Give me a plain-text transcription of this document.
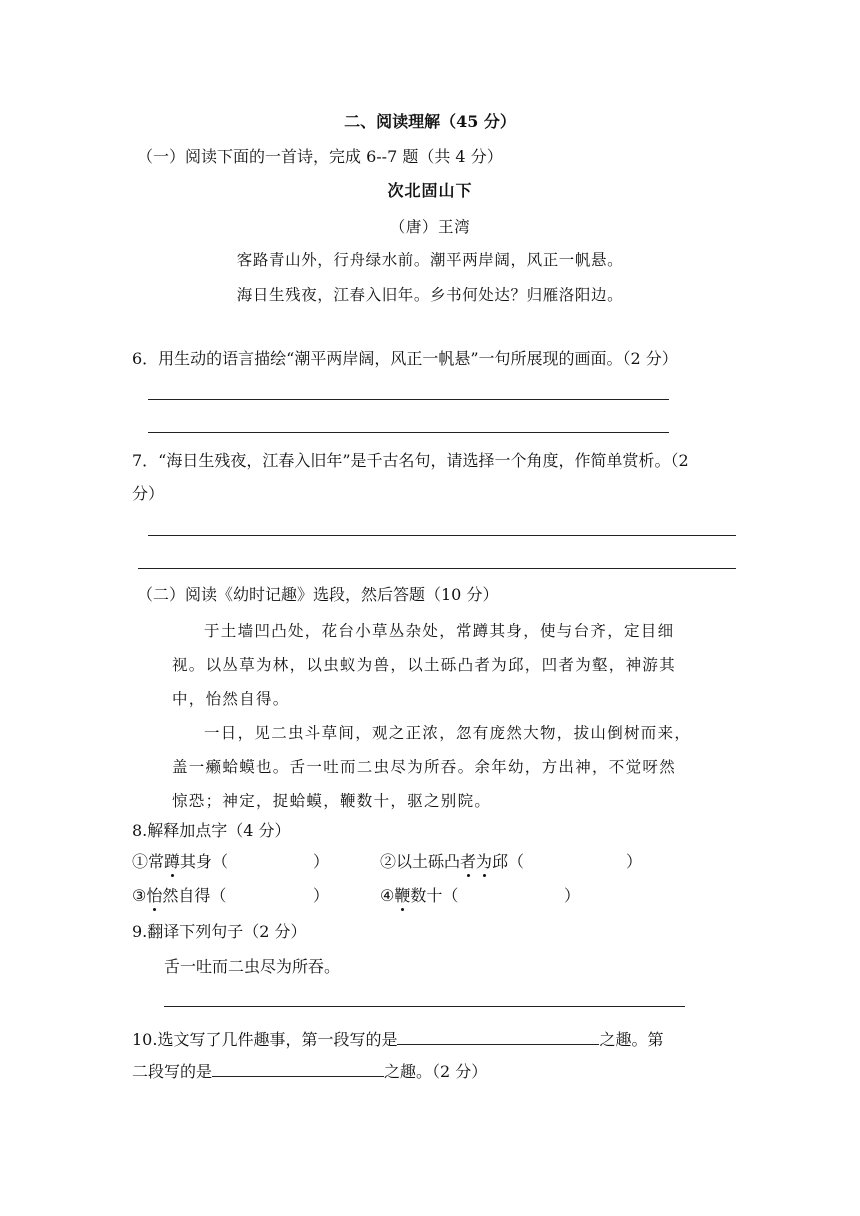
二、阅读理解（45 分）
（一）阅读下面的一首诗，完成 6--7 题（共 4 分）
次北固山下
（唐）王湾
客路青山外，行舟绿水前。潮平两岸阔，风正一帆悬。
海日生残夜，江春入旧年。乡书何处达？归雁洛阳边。
6．用生动的语言描绘“潮平两岸阔，风正一帆悬”一句所展现的画面。（2 分）
7．“海日生残夜，江春入旧年”是千古名句，请选择一个角度，作简单赏析。（2
分）
（二）阅读《幼时记趣》选段，然后答题（10 分）
于土墙凹凸处，花台小草丛杂处，常蹲其身，使与台齐，定目细
视。以丛草为林，以虫蚁为兽，以土砾凸者为邱，凹者为壑，神游其
中，怡然自得。
一日，见二虫斗草间，观之正浓，忽有庞然大物，拔山倒树而来，
盖一癞蛤蟆也。舌一吐而二虫尽为所吞。余年幼，方出神，不觉呀然
惊恐；神定，捉蛤蟆，鞭数十，驱之别院。
8.解释加点字（4 分）
①常蹲其身（	）	②以土砾凸者为邱（	）
③怡然自得（	）	④鞭数十（	）
9.翻译下列句子（2 分）
舌一吐而二虫尽为所吞。
10.选文写了几件趣事，第一段写的是	之趣。第
二段写的是	之趣。（2 分）
